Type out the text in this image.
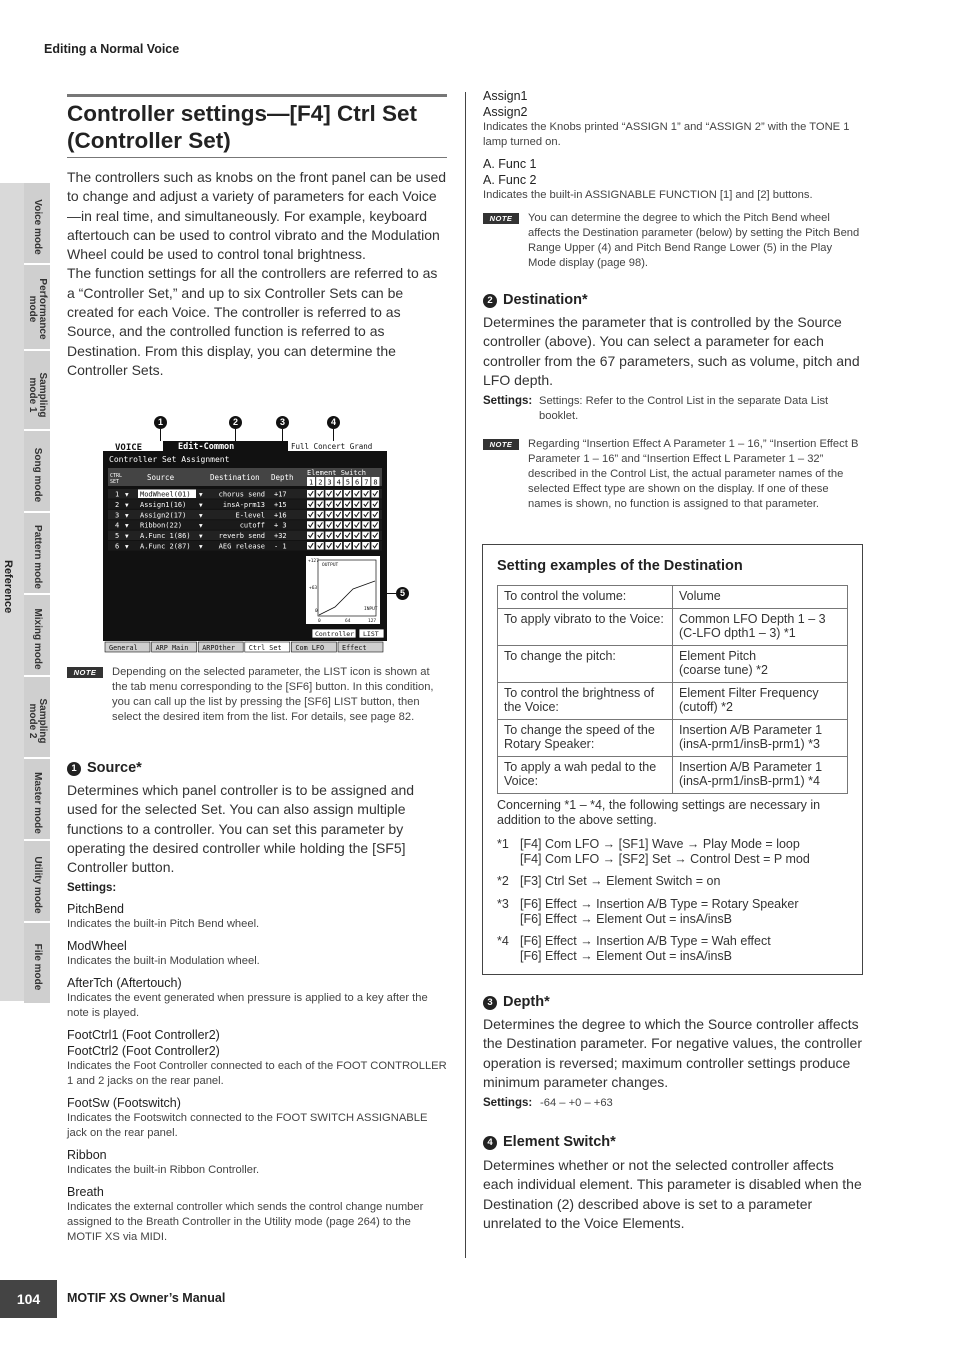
Editing a Normal Voice
Voice mode
Performance
mode
Sampling
mode 1
Song mode
Pattern mode
Mixing mode
Sampling
mode 2
Master mode
Utility mode
File mode
Reference
Controller settings—[F4] Ctrl Set (Controller Set)

The controllers such as knobs on the front panel can be used to change and adjust a variety of parameters for each Voice—in real time, and simultaneously. For example, keyboard aftertouch can be used to control vibrato and the Modulation Wheel could be used to control tonal brightness.

The function settings for all the controllers are referred to as a “Controller Set,” and up to six Controller Sets can be created for each Voice. The controller is referred to as Source, and the controlled function is referred to as Destination. From this display, you can determine the Controller Sets.

1	2	3	4
5
VOICE	Edit-Common	Full Concert Grand
Controller Set Assignment
CTRL
SET	Source	Destination Depth Element Switch
1 2 3 4 5 6 7 8
1 ▼ ModWheel(01) ▼ chorus send +17
2 ▼ Assign1(16) ▼	insA-prm13 +15
3 ▼ Assign2(17) ▼	E-level +16
4 ▼ Ribbon(22)	▼	cutoff + 3
5 ▼ A.Func 1(86) ▼ reverb send +32
6 ▼ A.Func 2(87) ▼ AEG release - 1
OUTPUT
INPUT
+127
+63
0
0	64	127
Controller LIST
General	ARP Main ARPOther Ctrl Set Com LFO	Effect
NOTE	Depending on the selected parameter, the LIST icon is shown at the tab menu corresponding to the [SF6] button. In this condition, you can call up the list by pressing the [SF6] LIST button, then select the desired item from the list. For details, see page 82.
1 Source*
Determines which panel controller is to be assigned and used for the selected Set. You can also assign multiple functions to a controller. You can set this parameter by operating the desired controller while holding the [SF5] Controller button.
Settings:
PitchBend
Indicates the built-in Pitch Bend wheel.
ModWheel
Indicates the built-in Modulation wheel.
AfterTch (Aftertouch)
Indicates the event generated when pressure is applied to a key after the note is played.
FootCtrl1 (Foot Controller2)
FootCtrl2 (Foot Controller2)
Indicates the Foot Controller connected to each of the FOOT CONTROLLER 1 and 2 jacks on the rear panel.
FootSw (Footswitch)
Indicates the Footswitch connected to the FOOT SWITCH ASSIGNABLE jack on the rear panel.
Ribbon
Indicates the built-in Ribbon Controller.
Breath
Indicates the external controller which sends the control change number assigned to the Breath Controller in the Utility mode (page 264) to the MOTIF XS via MIDI.
Assign1
Assign2
Indicates the Knobs printed “ASSIGN 1” and “ASSIGN 2” with the TONE 1 lamp turned on.
A. Func 1
A. Func 2
Indicates the built-in ASSIGNABLE FUNCTION [1] and [2] buttons.
NOTE	You can determine the degree to which the Pitch Bend wheel affects the Destination parameter (below) by setting the Pitch Bend Range Upper (4) and Pitch Bend Range Lower (5) in the Play Mode display (page 98).
2 Destination*
Determines the parameter that is controlled by the Source controller (above). You can select a parameter for each controller from the 67 parameters, such as volume, pitch and LFO depth.
Settings: Settings: Refer to the Control List in the separate Data List booklet.
NOTE	Regarding “Insertion Effect A Parameter 1 – 16,” “Insertion Effect B Parameter 1 – 16” and “Insertion Effect L Parameter 1 – 32” described in the Control List, the actual parameter names of the selected Effect type are shown on the display. If one of these names is shown, no function is assigned to that parameter.
Setting examples of the Destination
To control the volume:	Volume
To apply vibrato to the Voice:	Common LFO Depth 1 – 3 (C-LFO dpth1 – 3) *1
To change the pitch:	Element Pitch
(coarse tune) *2
To control the brightness of the Voice:	Element Filter Frequency (cutoff) *2
To change the speed of the Rotary Speaker:	Insertion A/B Parameter 1 (insA-prm1/insB-prm1) *3
To apply a wah pedal to the Voice:	Insertion A/B Parameter 1 (insA-prm1/insB-prm1) *4
Concerning *1 – *4, the following settings are necessary in addition to the above setting.
*1 [F4] Com LFO → [SF1] Wave → Play Mode = loop
[F4] Com LFO → [SF2] Set → Control Dest = P mod
*2 [F3] Ctrl Set → Element Switch = on
*3 [F6] Effect → Insertion A/B Type = Rotary Speaker
[F6] Effect → Element Out = insA/insB
*4 [F6] Effect → Insertion A/B Type = Wah effect
[F6] Effect → Element Out = insA/insB
3 Depth*
Determines the degree to which the Source controller affects the Destination parameter. For negative values, the controller operation is reversed; maximum controller settings produce minimum parameter changes.
Settings: -64 – +0 – +63
4 Element Switch*
Determines whether or not the selected controller affects each individual element. This parameter is disabled when the Destination (2) described above is set to a parameter unrelated to the Voice Elements.
104	MOTIF XS Owner’s Manual
